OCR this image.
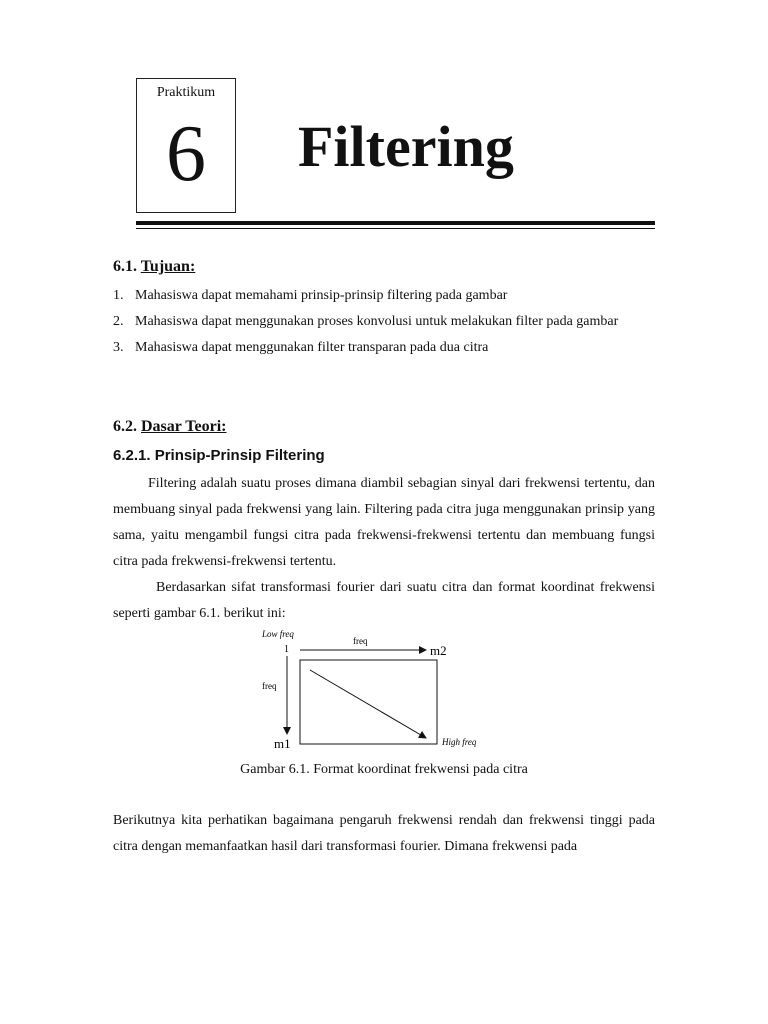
Praktikum
6	Filtering
6.1. Tujuan:
1. Mahasiswa dapat memahami prinsip-prinsip filtering pada gambar
2. Mahasiswa dapat menggunakan proses konvolusi untuk melakukan filter pada gambar
3. Mahasiswa dapat menggunakan filter transparan pada dua citra
6.2. Dasar Teori:
6.2.1. Prinsip-Prinsip Filtering

Filtering adalah suatu proses dimana diambil sebagian sinyal dari frekwensi tertentu, dan membuang sinyal pada frekwensi yang lain. Filtering pada citra juga menggunakan prinsip yang sama, yaitu mengambil fungsi citra pada frekwensi-frekwensi tertentu dan membuang fungsi citra pada frekwensi-frekwensi tertentu.

Berdasarkan sifat transformasi fourier dari suatu citra dan format koordinat frekwensi seperti gambar 6.1. berikut ini:

Low freq
1
freq
m2
freq
m1	High freq
Gambar 6.1. Format koordinat frekwensi pada citra

Berikutnya kita perhatikan bagaimana pengaruh frekwensi rendah dan frekwensi tinggi pada citra dengan memanfaatkan hasil dari transformasi fourier. Dimana frekwensi pada
